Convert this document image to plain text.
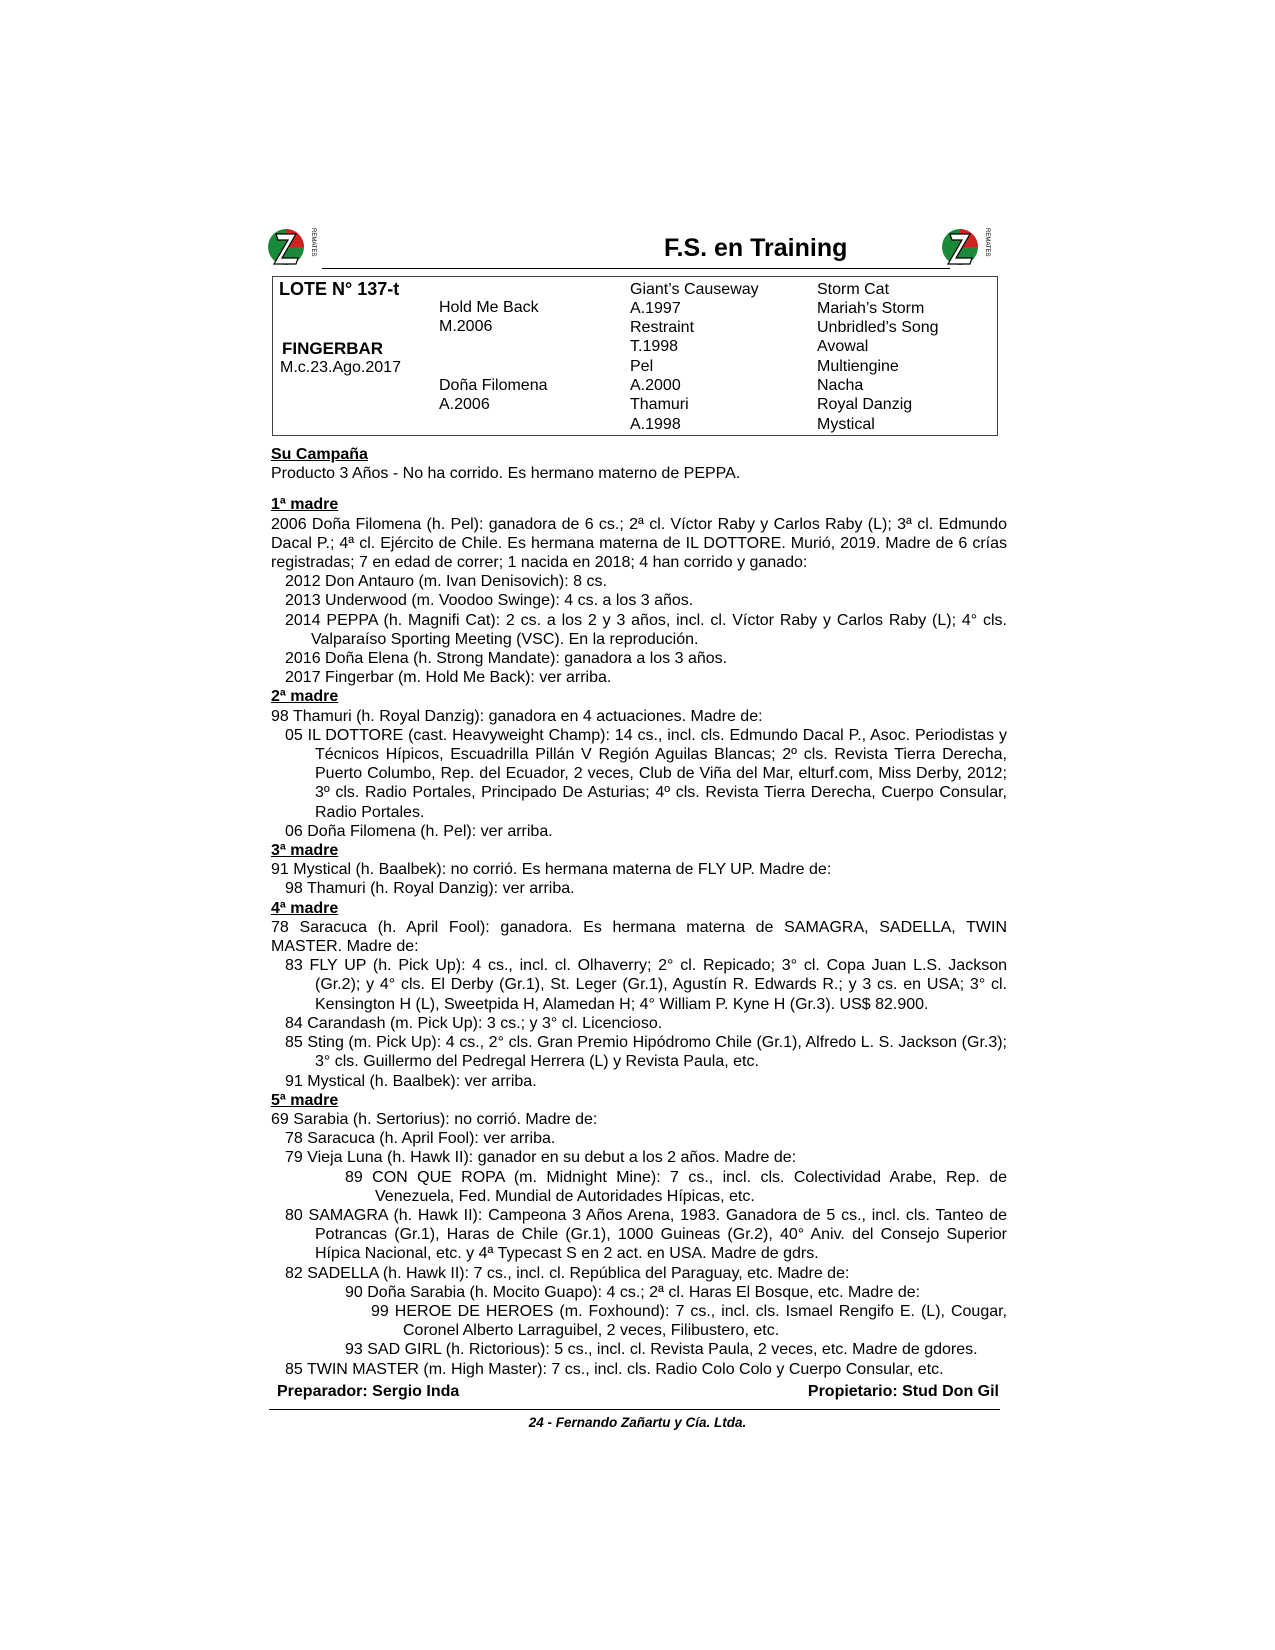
REMATES	REMATES
F.S. en Training
LOTE N° 137-t
FINGERBAR
M.c.23.Ago.2017
Hold Me Back
M.2006
Doña Filomena
A.2006
Giant’s Causeway
A.1997
Restraint
T.1998
Pel
A.2000
Thamuri
A.1998
Storm Cat
Mariah’s Storm
Unbridled’s Song
Avowal
Multiengine
Nacha
Royal Danzig
Mystical

Su Campaña

Producto 3 Años - No ha corrido. Es hermano materno de PEPPA.

1ª madre

2006 Doña Filomena (h. Pel): ganadora de 6 cs.; 2ª cl. Víctor Raby y Carlos Raby (L); 3ª cl. Edmundo Dacal P.; 4ª cl. Ejército de Chile. Es hermana materna de IL DOTTORE. Murió, 2019. Madre de 6 crías registradas; 7 en edad de correr; 1 nacida en 2018; 4 han corrido y ganado:

2012 Don Antauro (m. Ivan Denisovich): 8 cs.

2013 Underwood (m. Voodoo Swinge): 4 cs. a los 3 años.

2014 PEPPA (h. Magnifi Cat): 2 cs. a los 2 y 3 años, incl. cl. Víctor Raby y Carlos Raby (L); 4° cls. Valparaíso Sporting Meeting (VSC). En la reprodución.

2016 Doña Elena (h. Strong Mandate): ganadora a los 3 años.

2017 Fingerbar (m. Hold Me Back): ver arriba.

2ª madre

98 Thamuri (h. Royal Danzig): ganadora en 4 actuaciones. Madre de:

05 IL DOTTORE (cast. Heavyweight Champ): 14 cs., incl. cls. Edmundo Dacal P., Asoc. Periodistas y Técnicos Hípicos, Escuadrilla Pillán V Región Aguilas Blancas; 2º cls. Revista Tierra Derecha, Puerto Columbo, Rep. del Ecuador, 2 veces, Club de Viña del Mar, elturf.com, Miss Derby, 2012; 3º cls. Radio Portales, Principado De Asturias; 4º cls. Revista Tierra Derecha, Cuerpo Consular, Radio Portales.

06 Doña Filomena (h. Pel): ver arriba.

3ª madre

91 Mystical (h. Baalbek): no corrió. Es hermana materna de FLY UP. Madre de:

98 Thamuri (h. Royal Danzig): ver arriba.

4ª madre

78 Saracuca (h. April Fool): ganadora. Es hermana materna de SAMAGRA, SADELLA, TWIN MASTER. Madre de:

83 FLY UP (h. Pick Up): 4 cs., incl. cl. Olhaverry; 2° cl. Repicado; 3° cl. Copa Juan L.S. Jackson (Gr.2); y 4° cls. El Derby (Gr.1), St. Leger (Gr.1), Agustín R. Edwards R.; y 3 cs. en USA; 3° cl. Kensington H (L), Sweetpida H, Alamedan H; 4° William P. Kyne H (Gr.3). US$ 82.900.

84 Carandash (m. Pick Up): 3 cs.; y 3° cl. Licencioso.

85 Sting (m. Pick Up): 4 cs., 2° cls. Gran Premio Hipódromo Chile (Gr.1), Alfredo L. S. Jackson (Gr.3); 3° cls. Guillermo del Pedregal Herrera (L) y Revista Paula, etc.

91 Mystical (h. Baalbek): ver arriba.

5ª madre

69 Sarabia (h. Sertorius): no corrió. Madre de:

78 Saracuca (h. April Fool): ver arriba.

79 Vieja Luna (h. Hawk II): ganador en su debut a los 2 años. Madre de:

89 CON QUE ROPA (m. Midnight Mine): 7 cs., incl. cls. Colectividad Arabe, Rep. de Venezuela, Fed. Mundial de Autoridades Hípicas, etc.

80 SAMAGRA (h. Hawk II): Campeona 3 Años Arena, 1983. Ganadora de 5 cs., incl. cls. Tanteo de Potrancas (Gr.1), Haras de Chile (Gr.1), 1000 Guineas (Gr.2), 40° Aniv. del Consejo Superior Hípica Nacional, etc. y 4ª Typecast S en 2 act. en USA. Madre de gdrs.

82 SADELLA (h. Hawk II): 7 cs., incl. cl. República del Paraguay, etc. Madre de:

90 Doña Sarabia (h. Mocito Guapo): 4 cs.; 2ª cl. Haras El Bosque, etc. Madre de:

99 HEROE DE HEROES (m. Foxhound): 7 cs., incl. cls. Ismael Rengifo E. (L), Cougar, Coronel Alberto Larraguibel, 2 veces, Filibustero, etc.

93 SAD GIRL (h. Rictorious): 5 cs., incl. cl. Revista Paula, 2 veces, etc. Madre de gdores.

85 TWIN MASTER (m. High Master): 7 cs., incl. cls. Radio Colo Colo y Cuerpo Consular, etc.

Preparador: Sergio Inda	Propietario: Stud Don Gil
24 - Fernando Zañartu y Cía. Ltda.
